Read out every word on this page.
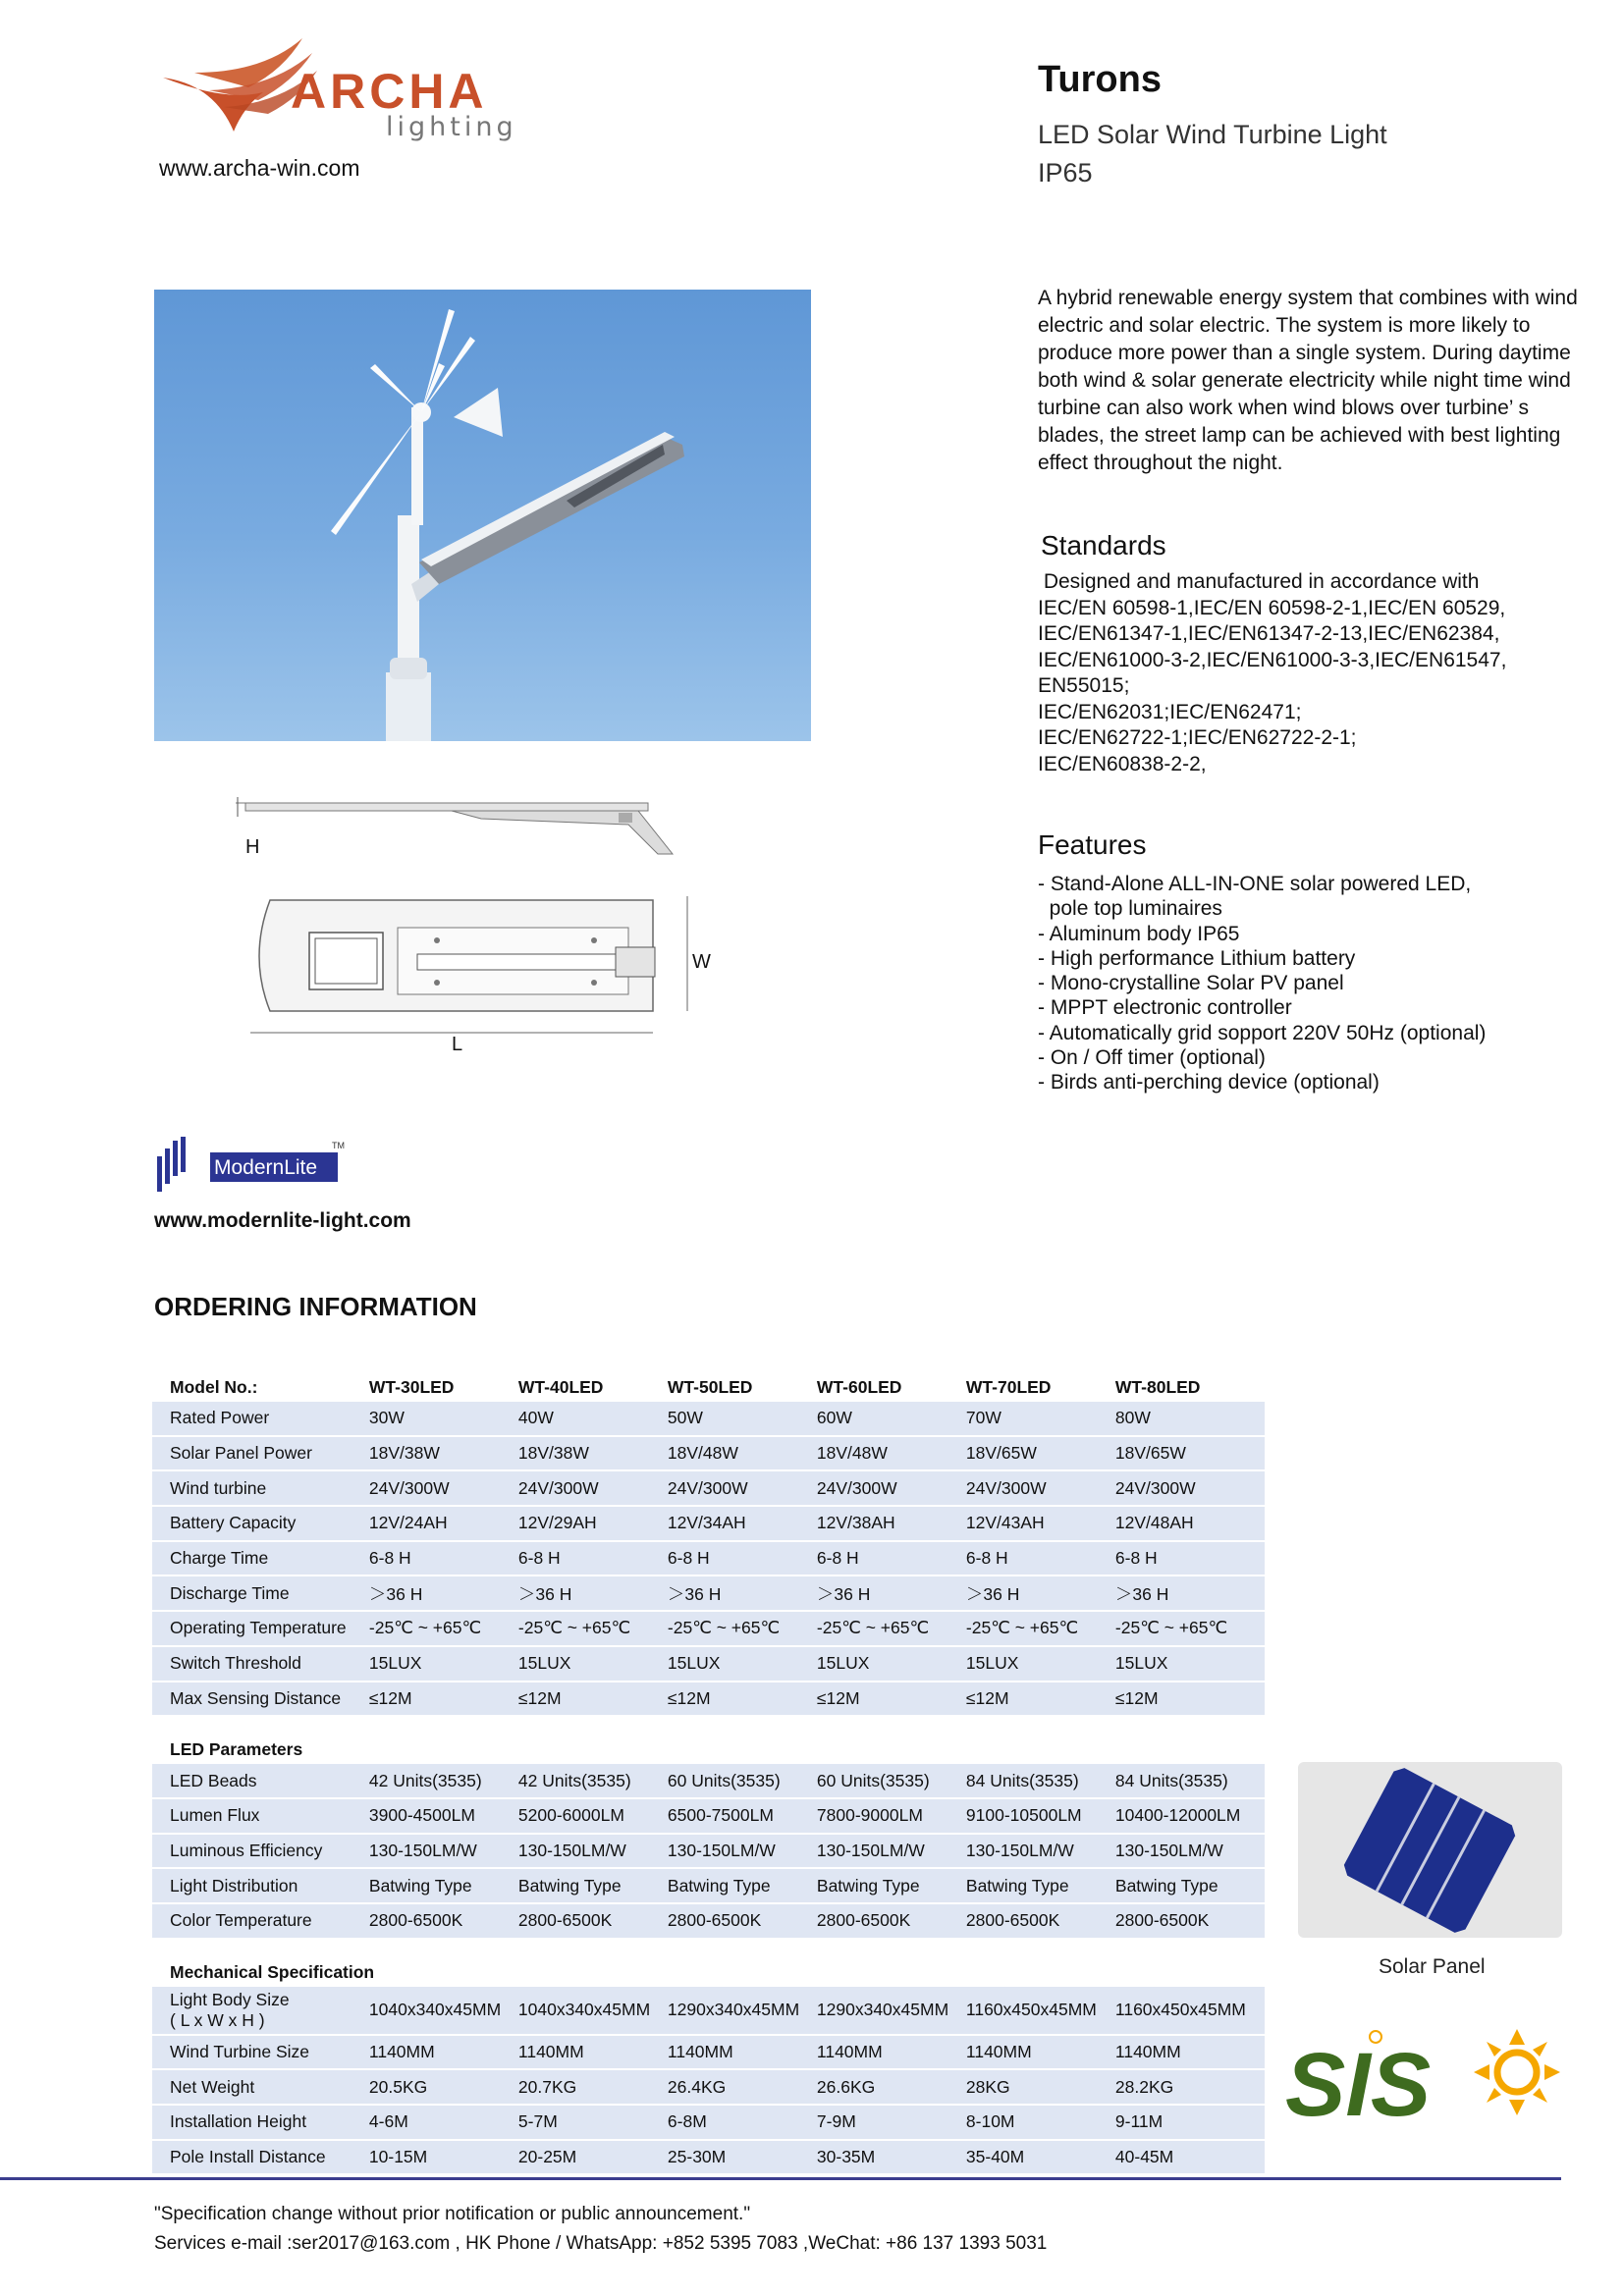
ARCHA
lighting
www.archa-win.com
Turons
LED Solar Wind Turbine Light
IP65
H
W
L
A hybrid renewable energy system that combines with wind electric and solar electric. The system is more likely to produce more power than a single system. During daytime both wind & solar generate electricity while night time wind turbine can also work when wind blows over turbine’ s blades, the street lamp can be achieved with best lighting effect throughout the night.
Standards
Designed and manufactured in accordance with
IEC/EN 60598-1,IEC/EN 60598-2-1,IEC/EN 60529,
IEC/EN61347-1,IEC/EN61347-2-13,IEC/EN62384,
IEC/EN61000-3-2,IEC/EN61000-3-3,IEC/EN61547,
EN55015;
IEC/EN62031;IEC/EN62471;
IEC/EN62722-1;IEC/EN62722-2-1;
IEC/EN60838-2-2,
Features
- Stand-Alone ALL-IN-ONE solar powered LED,
pole top luminaires
- Aluminum body IP65
- High performance Lithium battery
- Mono-crystalline Solar PV panel
- MPPT electronic controller
- Automatically grid sopport 220V 50Hz (optional)
- On / Off timer (optional)
- Birds anti-perching device (optional)
ModernLite
TM
www.modernlite-light.com
ORDERING INFORMATION
Model No.:	WT-30LED	WT-40LED	WT-50LED	WT-60LED	WT-70LED	WT-80LED

Rated Power	30W	40W	50W	60W	70W	80W

Solar Panel Power	18V/38W	18V/38W	18V/48W	18V/48W	18V/65W	18V/65W

Wind turbine	24V/300W	24V/300W	24V/300W	24V/300W	24V/300W	24V/300W

Battery Capacity	12V/24AH	12V/29AH	12V/34AH	12V/38AH	12V/43AH	12V/48AH

Charge Time	6-8 H	6-8 H	6-8 H	6-8 H	6-8 H	6-8 H

Discharge Time	＞36 H	＞36 H	＞36 H	＞36 H	＞36 H	＞36 H

Operating Temperature	-25℃ ~ +65℃	-25℃ ~ +65℃	-25℃ ~ +65℃	-25℃ ~ +65℃	-25℃ ~ +65℃	-25℃ ~ +65℃

Switch Threshold	15LUX	15LUX	15LUX	15LUX	15LUX	15LUX

Max Sensing Distance	≤12M	≤12M	≤12M	≤12M	≤12M	≤12M
LED Parameters						

LED Beads	42 Units(3535)	42 Units(3535)	60 Units(3535)	60 Units(3535)	84 Units(3535)	84 Units(3535)

Lumen Flux	3900-4500LM	5200-6000LM	6500-7500LM	7800-9000LM	9100-10500LM	10400-12000LM

Luminous Efficiency	130-150LM/W	130-150LM/W	130-150LM/W	130-150LM/W	130-150LM/W	130-150LM/W

Light Distribution	Batwing Type	Batwing Type	Batwing Type	Batwing Type	Batwing Type	Batwing Type

Color Temperature	2800-6500K	2800-6500K	2800-6500K	2800-6500K	2800-6500K	2800-6500K
Mechanical Specification						

Light Body Size
( L x W x H )	1040x340x45MM	1040x340x45MM	1290x340x45MM	1290x340x45MM	1160x450x45MM	1160x450x45MM

Wind Turbine Size	1140MM	1140MM	1140MM	1140MM	1140MM	1140MM

Net Weight	20.5KG	20.7KG	26.4KG	26.6KG	28KG	28.2KG

Installation Height	4-6M	5-7M	6-8M	7-9M	8-10M	9-11M

Pole Install Distance	10-15M	20-25M	25-30M	30-35M	35-40M	40-45M
Solar Panel
SIS
"Specification change without prior notification or public announcement."
Services e-mail :ser2017@163.com , HK Phone / WhatsApp: +852 5395 7083 ,WeChat: +86 137 1393 5031
